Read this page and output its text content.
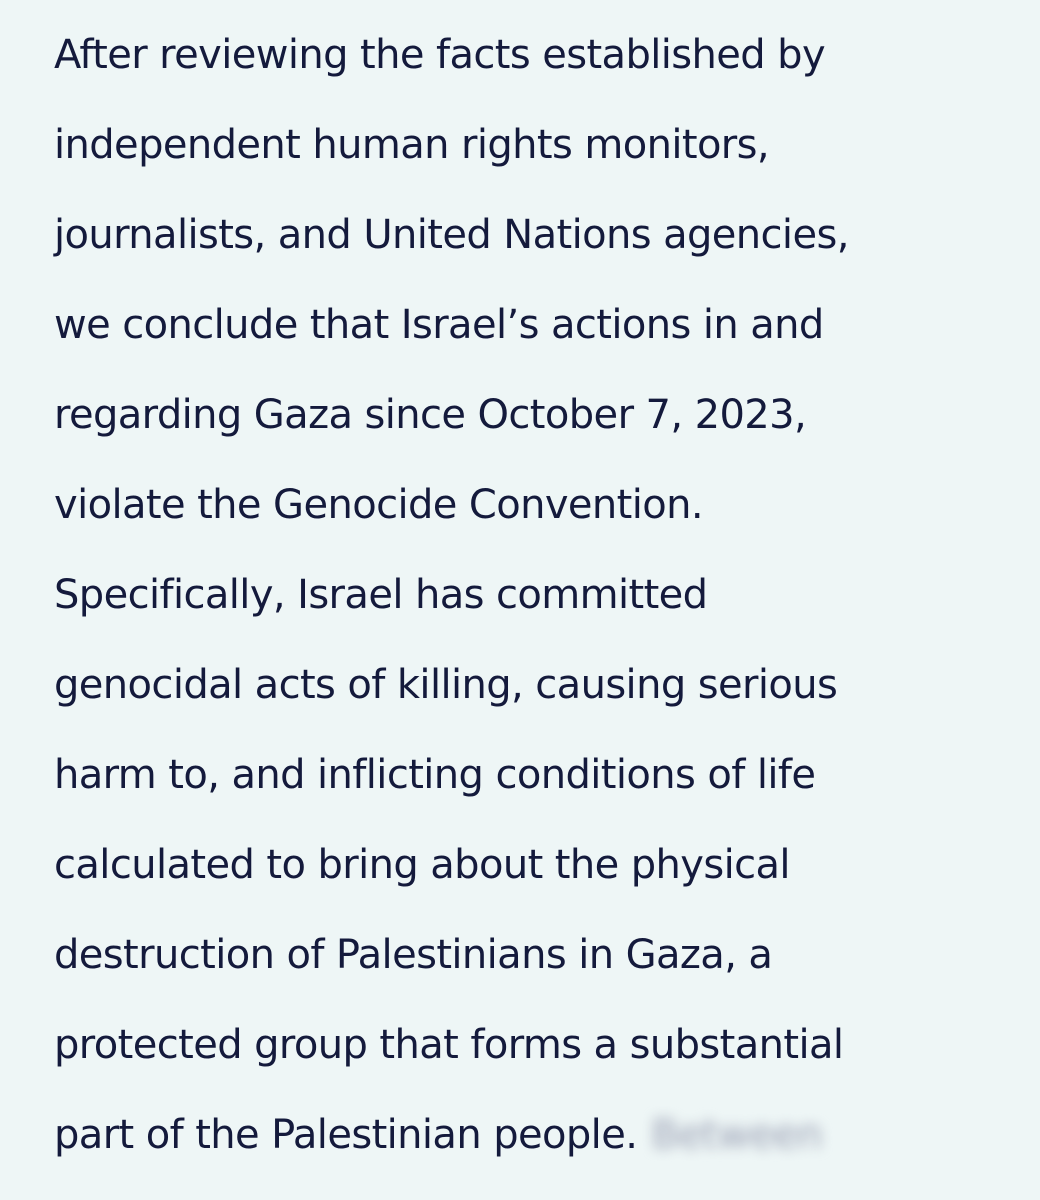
After reviewing the facts established by
independent human rights monitors,
journalists, and United Nations agencies,
we conclude that Israel’s actions in and
regarding Gaza since October 7, 2023,
violate the Genocide Convention.
Specifically, Israel has committed
genocidal acts of killing, causing serious
harm to, and inflicting conditions of life
calculated to bring about the physical
destruction of Palestinians in Gaza, a
protected group that forms a substantial
part of the Palestinian people. Between
